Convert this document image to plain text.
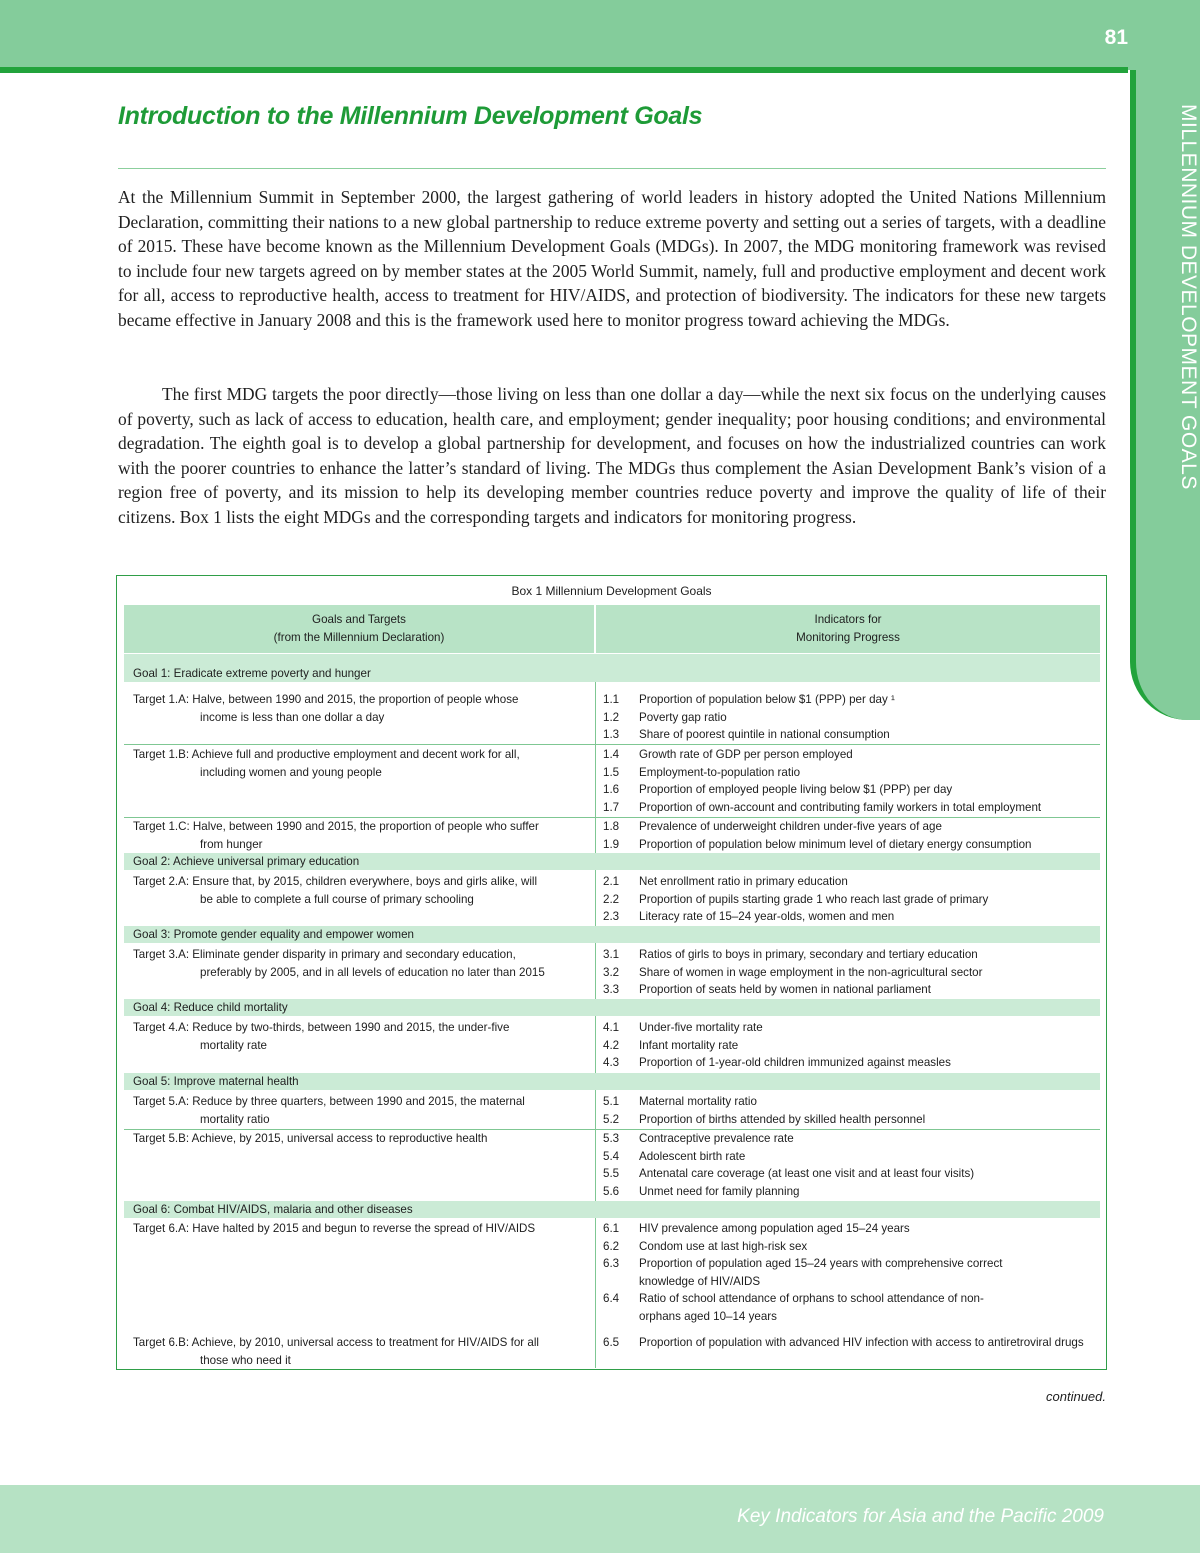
81
MILLENNIUM DEVELOPMENT GOALS
Introduction to the Millennium Development Goals

At the Millennium Summit in September 2000, the largest gathering of world leaders in history adopted the United Nations Millennium Declaration, committing their nations to a new global partnership to reduce extreme poverty and setting out a series of targets, with a deadline of 2015. These have become known as the Millennium Development Goals (MDGs). In 2007, the MDG monitoring framework was revised to include four new targets agreed on by member states at the 2005 World Summit, namely, full and productive employment and decent work for all, access to reproductive health, access to treatment for HIV/AIDS, and protection of biodiversity. The indicators for these new targets became effective in January 2008 and this is the framework used here to monitor progress toward achieving the MDGs.

The first MDG targets the poor directly—those living on less than one dollar a day—while the next six focus on the underlying causes of poverty, such as lack of access to education, health care, and employment; gender inequality; poor housing conditions; and environmental degradation. The eighth goal is to develop a global partnership for development, and focuses on how the industrialized countries can work with the poorer countries to enhance the latter’s standard of living. The MDGs thus complement the Asian Development Bank’s vision of a region free of poverty, and its mission to help its developing member countries reduce poverty and improve the quality of life of their citizens. Box 1 lists the eight MDGs and the corresponding targets and indicators for monitoring progress.

Box 1 Millennium Development Goals
Goals and Targets
(from the Millennium Declaration)
Indicators for
Monitoring Progress
Goal 1: Eradicate extreme poverty and hunger
Target 1.A: Halve, between 1990 and 2015, the proportion of people whose
income is less than one dollar a day
1.1	Proportion of population below $1 (PPP) per day ¹
1.2	Poverty gap ratio
1.3	Share of poorest quintile in national consumption
Target 1.B: Achieve full and productive employment and decent work for all,
including women and young people
1.4	Growth rate of GDP per person employed
1.5	Employment-to-population ratio
1.6	Proportion of employed people living below $1 (PPP) per day
1.7	Proportion of own-account and contributing family workers in total employment
Target 1.C: Halve, between 1990 and 2015, the proportion of people who suffer
from hunger
1.8	Prevalence of underweight children under-five years of age
1.9	Proportion of population below minimum level of dietary energy consumption
Goal 2: Achieve universal primary education
Target 2.A: Ensure that, by 2015, children everywhere, boys and girls alike, will
be able to complete a full course of primary schooling
2.1	Net enrollment ratio in primary education
2.2	Proportion of pupils starting grade 1 who reach last grade of primary
2.3	Literacy rate of 15–24 year-olds, women and men
Goal 3: Promote gender equality and empower women
Target 3.A: Eliminate gender disparity in primary and secondary education,
preferably by 2005, and in all levels of education no later than 2015
3.1	Ratios of girls to boys in primary, secondary and tertiary education
3.2	Share of women in wage employment in the non-agricultural sector
3.3	Proportion of seats held by women in national parliament
Goal 4: Reduce child mortality
Target 4.A: Reduce by two-thirds, between 1990 and 2015, the under-five
mortality rate
4.1	Under-five mortality rate
4.2	Infant mortality rate
4.3	Proportion of 1-year-old children immunized against measles
Goal 5: Improve maternal health
Target 5.A: Reduce by three quarters, between 1990 and 2015, the maternal
mortality ratio
5.1	Maternal mortality ratio
5.2	Proportion of births attended by skilled health personnel
Target 5.B: Achieve, by 2015, universal access to reproductive health	5.3	Contraceptive prevalence rate
5.4	Adolescent birth rate
5.5	Antenatal care coverage (at least one visit and at least four visits)
5.6	Unmet need for family planning
Goal 6: Combat HIV/AIDS, malaria and other diseases
Target 6.A: Have halted by 2015 and begun to reverse the spread of HIV/AIDS	6.1	HIV prevalence among population aged 15–24 years
6.2	Condom use at last high-risk sex
6.3	Proportion of population aged 15–24 years with comprehensive correct knowledge of HIV/AIDS
6.4	Ratio of school attendance of orphans to school attendance of non-orphans aged 10–14 years
Target 6.B: Achieve, by 2010, universal access to treatment for HIV/AIDS for all
those who need it
6.5	Proportion of population with advanced HIV infection with access to antiretroviral drugs
continued.
Key Indicators for Asia and the Pacific 2009
